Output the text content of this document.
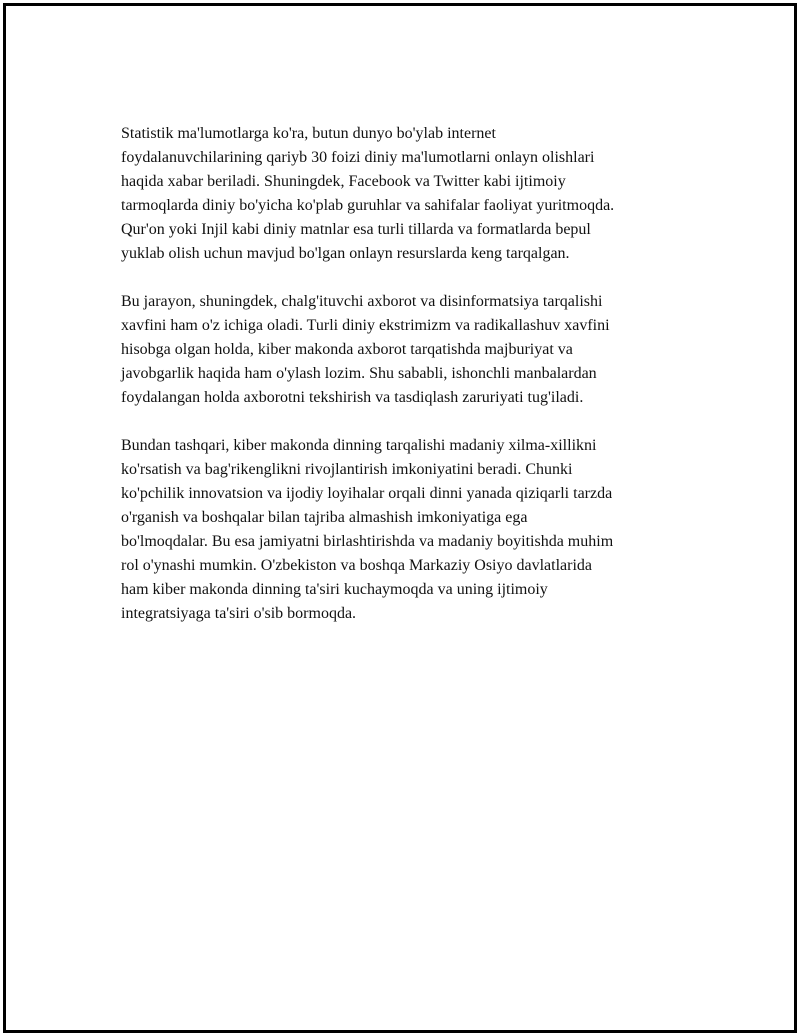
Statistik ma'lumotlarga ko'ra, butun dunyo bo'ylab internet
foydalanuvchilarining qariyb 30 foizi diniy ma'lumotlarni onlayn olishlari
haqida xabar beriladi. Shuningdek, Facebook va Twitter kabi ijtimoiy
tarmoqlarda diniy bo'yicha ko'plab guruhlar va sahifalar faoliyat yuritmoqda.
Qur'on yoki Injil kabi diniy matnlar esa turli tillarda va formatlarda bepul
yuklab olish uchun mavjud bo'lgan onlayn resurslarda keng tarqalgan.

Bu jarayon, shuningdek, chalg'ituvchi axborot va disinformatsiya tarqalishi
xavfini ham o'z ichiga oladi. Turli diniy ekstrimizm va radikallashuv xavfini
hisobga olgan holda, kiber makonda axborot tarqatishda majburiyat va
javobgarlik haqida ham o'ylash lozim. Shu sababli, ishonchli manbalardan
foydalangan holda axborotni tekshirish va tasdiqlash zaruriyati tug'iladi.

Bundan tashqari, kiber makonda dinning tarqalishi madaniy xilma-xillikni
ko'rsatish va bag'rikenglikni rivojlantirish imkoniyatini beradi. Chunki
ko'pchilik innovatsion va ijodiy loyihalar orqali dinni yanada qiziqarli tarzda
o'rganish va boshqalar bilan tajriba almashish imkoniyatiga ega
bo'lmoqdalar. Bu esa jamiyatni birlashtirishda va madaniy boyitishda muhim
rol o'ynashi mumkin. O'zbekiston va boshqa Markaziy Osiyo davlatlarida
ham kiber makonda dinning ta'siri kuchaymoqda va uning ijtimoiy
integratsiyaga ta'siri o'sib bormoqda.
